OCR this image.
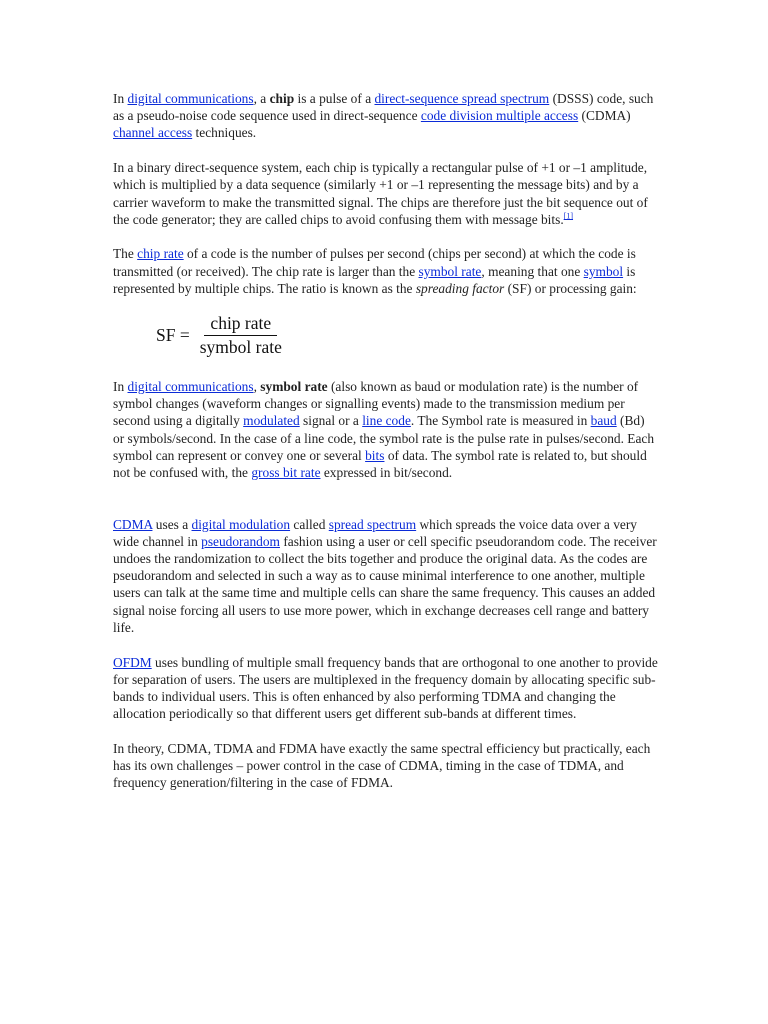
In digital communications, a chip is a pulse of a direct-sequence spread spectrum (DSSS) code, such as a pseudo-noise code sequence used in direct-sequence code division multiple access (CDMA) channel access techniques.

In a binary direct-sequence system, each chip is typically a rectangular pulse of +1 or –1 amplitude, which is multiplied by a data sequence (similarly +1 or –1 representing the message bits) and by a carrier waveform to make the transmitted signal. The chips are therefore just the bit sequence out of the code generator; they are called chips to avoid confusing them with message bits.[1]

The chip rate of a code is the number of pulses per second (chips per second) at which the code is transmitted (or received). The chip rate is larger than the symbol rate, meaning that one symbol is represented by multiple chips. The ratio is known as the spreading factor (SF) or processing gain:

SF = $\frac{\text{chip rate}}{\text{symbol rate}}$

In digital communications, symbol rate (also known as baud or modulation rate) is the number of symbol changes (waveform changes or signalling events) made to the transmission medium per second using a digitally modulated signal or a line code. The Symbol rate is measured in baud (Bd) or symbols/second. In the case of a line code, the symbol rate is the pulse rate in pulses/second. Each symbol can represent or convey one or several bits of data. The symbol rate is related to, but should not be confused with, the gross bit rate expressed in bit/second.

CDMA uses a digital modulation called spread spectrum which spreads the voice data over a very wide channel in pseudorandom fashion using a user or cell specific pseudorandom code. The receiver undoes the randomization to collect the bits together and produce the original data. As the codes are pseudorandom and selected in such a way as to cause minimal interference to one another, multiple users can talk at the same time and multiple cells can share the same frequency. This causes an added signal noise forcing all users to use more power, which in exchange decreases cell range and battery life.

OFDM uses bundling of multiple small frequency bands that are orthogonal to one another to provide for separation of users. The users are multiplexed in the frequency domain by allocating specific sub-bands to individual users. This is often enhanced by also performing TDMA and changing the allocation periodically so that different users get different sub-bands at different times.

In theory, CDMA, TDMA and FDMA have exactly the same spectral efficiency but practically, each has its own challenges – power control in the case of CDMA, timing in the case of TDMA, and frequency generation/filtering in the case of FDMA.
